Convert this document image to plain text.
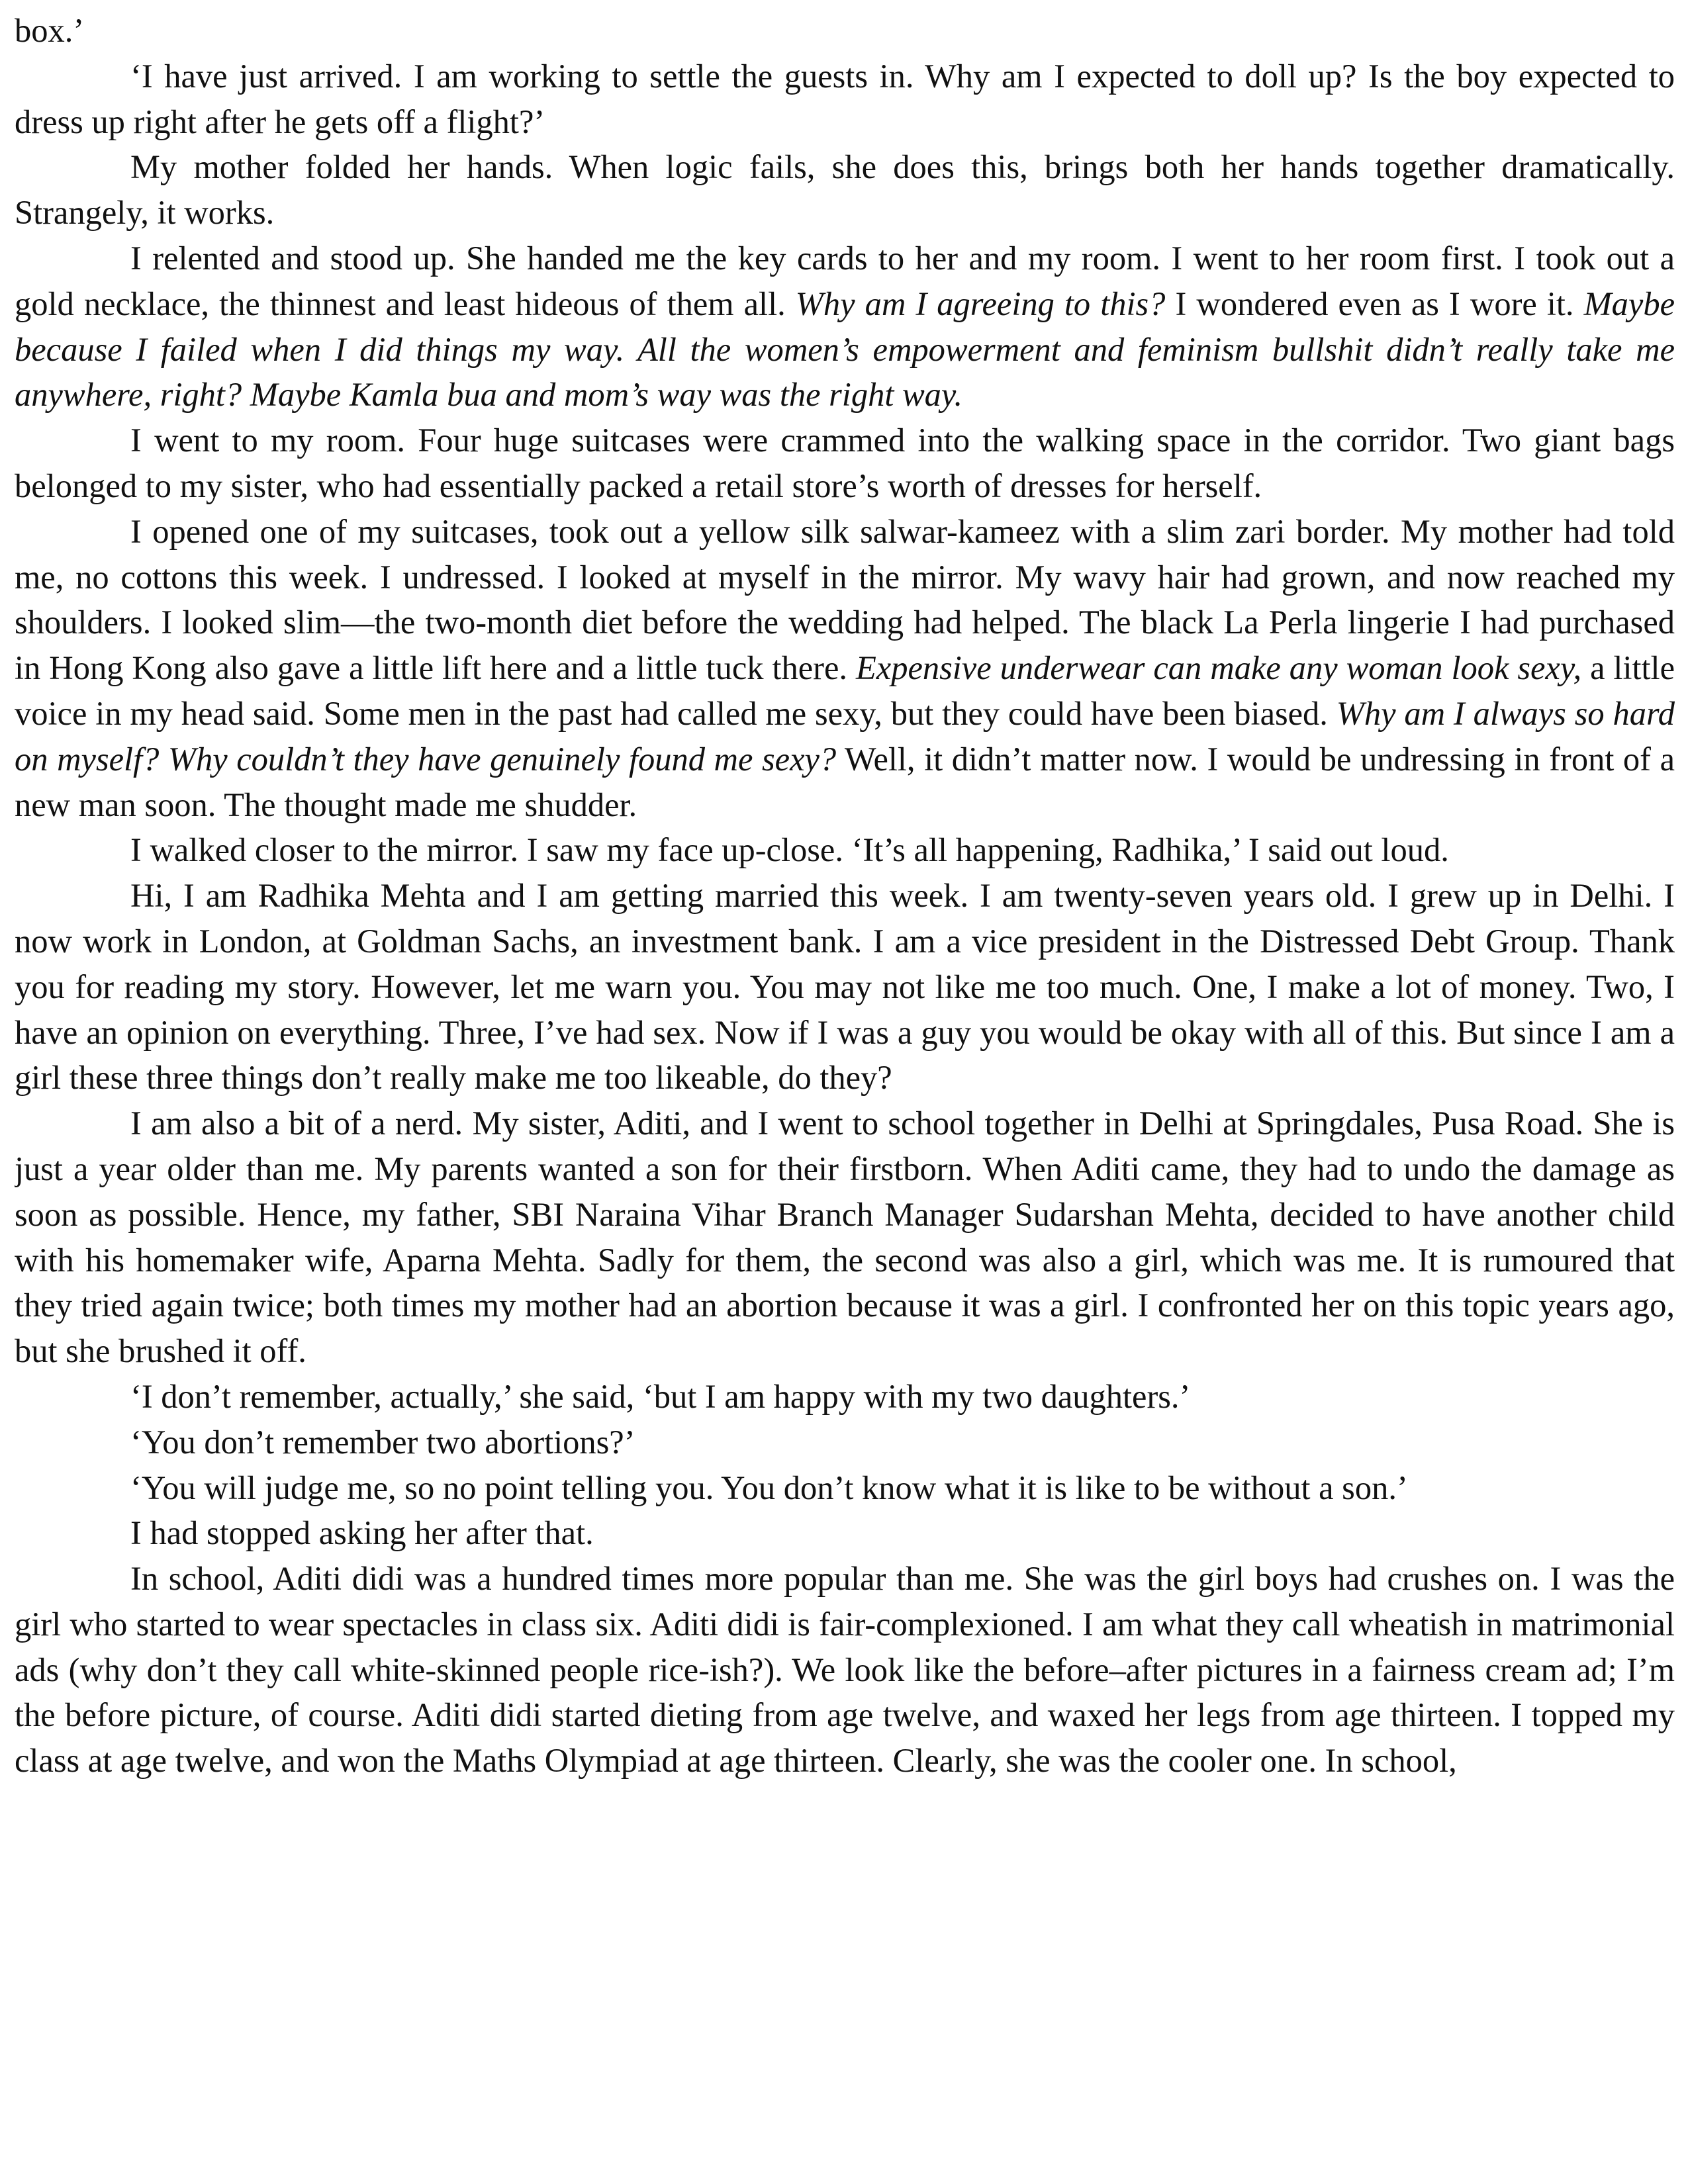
box.’

‘I have just arrived. I am working to settle the guests in. Why am I expected to doll up? Is the boy expected to dress up right after he gets off a flight?’

My mother folded her hands. When logic fails, she does this, brings both her hands together dramatically. Strangely, it works.

I relented and stood up. She handed me the key cards to her and my room. I went to her room first. I took out a gold necklace, the thinnest and least hideous of them all. Why am I agreeing to this? I wondered even as I wore it. Maybe because I failed when I did things my way. All the women’s empowerment and feminism bullshit didn’t really take me anywhere, right? Maybe Kamla bua and mom’s way was the right way.

I went to my room. Four huge suitcases were crammed into the walking space in the corridor. Two giant bags belonged to my sister, who had essentially packed a retail store’s worth of dresses for herself.

I opened one of my suitcases, took out a yellow silk salwar-kameez with a slim zari border. My mother had told me, no cottons this week. I undressed. I looked at myself in the mirror. My wavy hair had grown, and now reached my shoulders. I looked slim—the two-month diet before the wedding had helped. The black La Perla lingerie I had purchased in Hong Kong also gave a little lift here and a little tuck there. Expensive underwear can make any woman look sexy, a little voice in my head said. Some men in the past had called me sexy, but they could have been biased. Why am I always so hard on myself? Why couldn’t they have genuinely found me sexy? Well, it didn’t matter now. I would be undressing in front of a new man soon. The thought made me shudder.

I walked closer to the mirror. I saw my face up-close. ‘It’s all happening, Radhika,’ I said out loud.

Hi, I am Radhika Mehta and I am getting married this week. I am twenty-seven years old. I grew up in Delhi. I now work in London, at Goldman Sachs, an investment bank. I am a vice president in the Distressed Debt Group. Thank you for reading my story. However, let me warn you. You may not like me too much. One, I make a lot of money. Two, I have an opinion on everything. Three, I’ve had sex. Now if I was a guy you would be okay with all of this. But since I am a girl these three things don’t really make me too likeable, do they?

I am also a bit of a nerd. My sister, Aditi, and I went to school together in Delhi at Springdales, Pusa Road. She is just a year older than me. My parents wanted a son for their firstborn. When Aditi came, they had to undo the damage as soon as possible. Hence, my father, SBI Naraina Vihar Branch Manager Sudarshan Mehta, decided to have another child with his homemaker wife, Aparna Mehta. Sadly for them, the second was also a girl, which was me. It is rumoured that they tried again twice; both times my mother had an abortion because it was a girl. I confronted her on this topic years ago, but she brushed it off.

‘I don’t remember, actually,’ she said, ‘but I am happy with my two daughters.’

‘You don’t remember two abortions?’

‘You will judge me, so no point telling you. You don’t know what it is like to be without a son.’

I had stopped asking her after that.

In school, Aditi didi was a hundred times more popular than me. She was the girl boys had crushes on. I was the girl who started to wear spectacles in class six. Aditi didi is fair-complexioned. I am what they call wheatish in matrimonial ads (why don’t they call white-skinned people rice-ish?). We look like the before–after pictures in a fairness cream ad; I’m the before picture, of course. Aditi didi started dieting from age twelve, and waxed her legs from age thirteen. I topped my class at age twelve, and won the Maths Olympiad at age thirteen. Clearly, she was the cooler one. In school,
